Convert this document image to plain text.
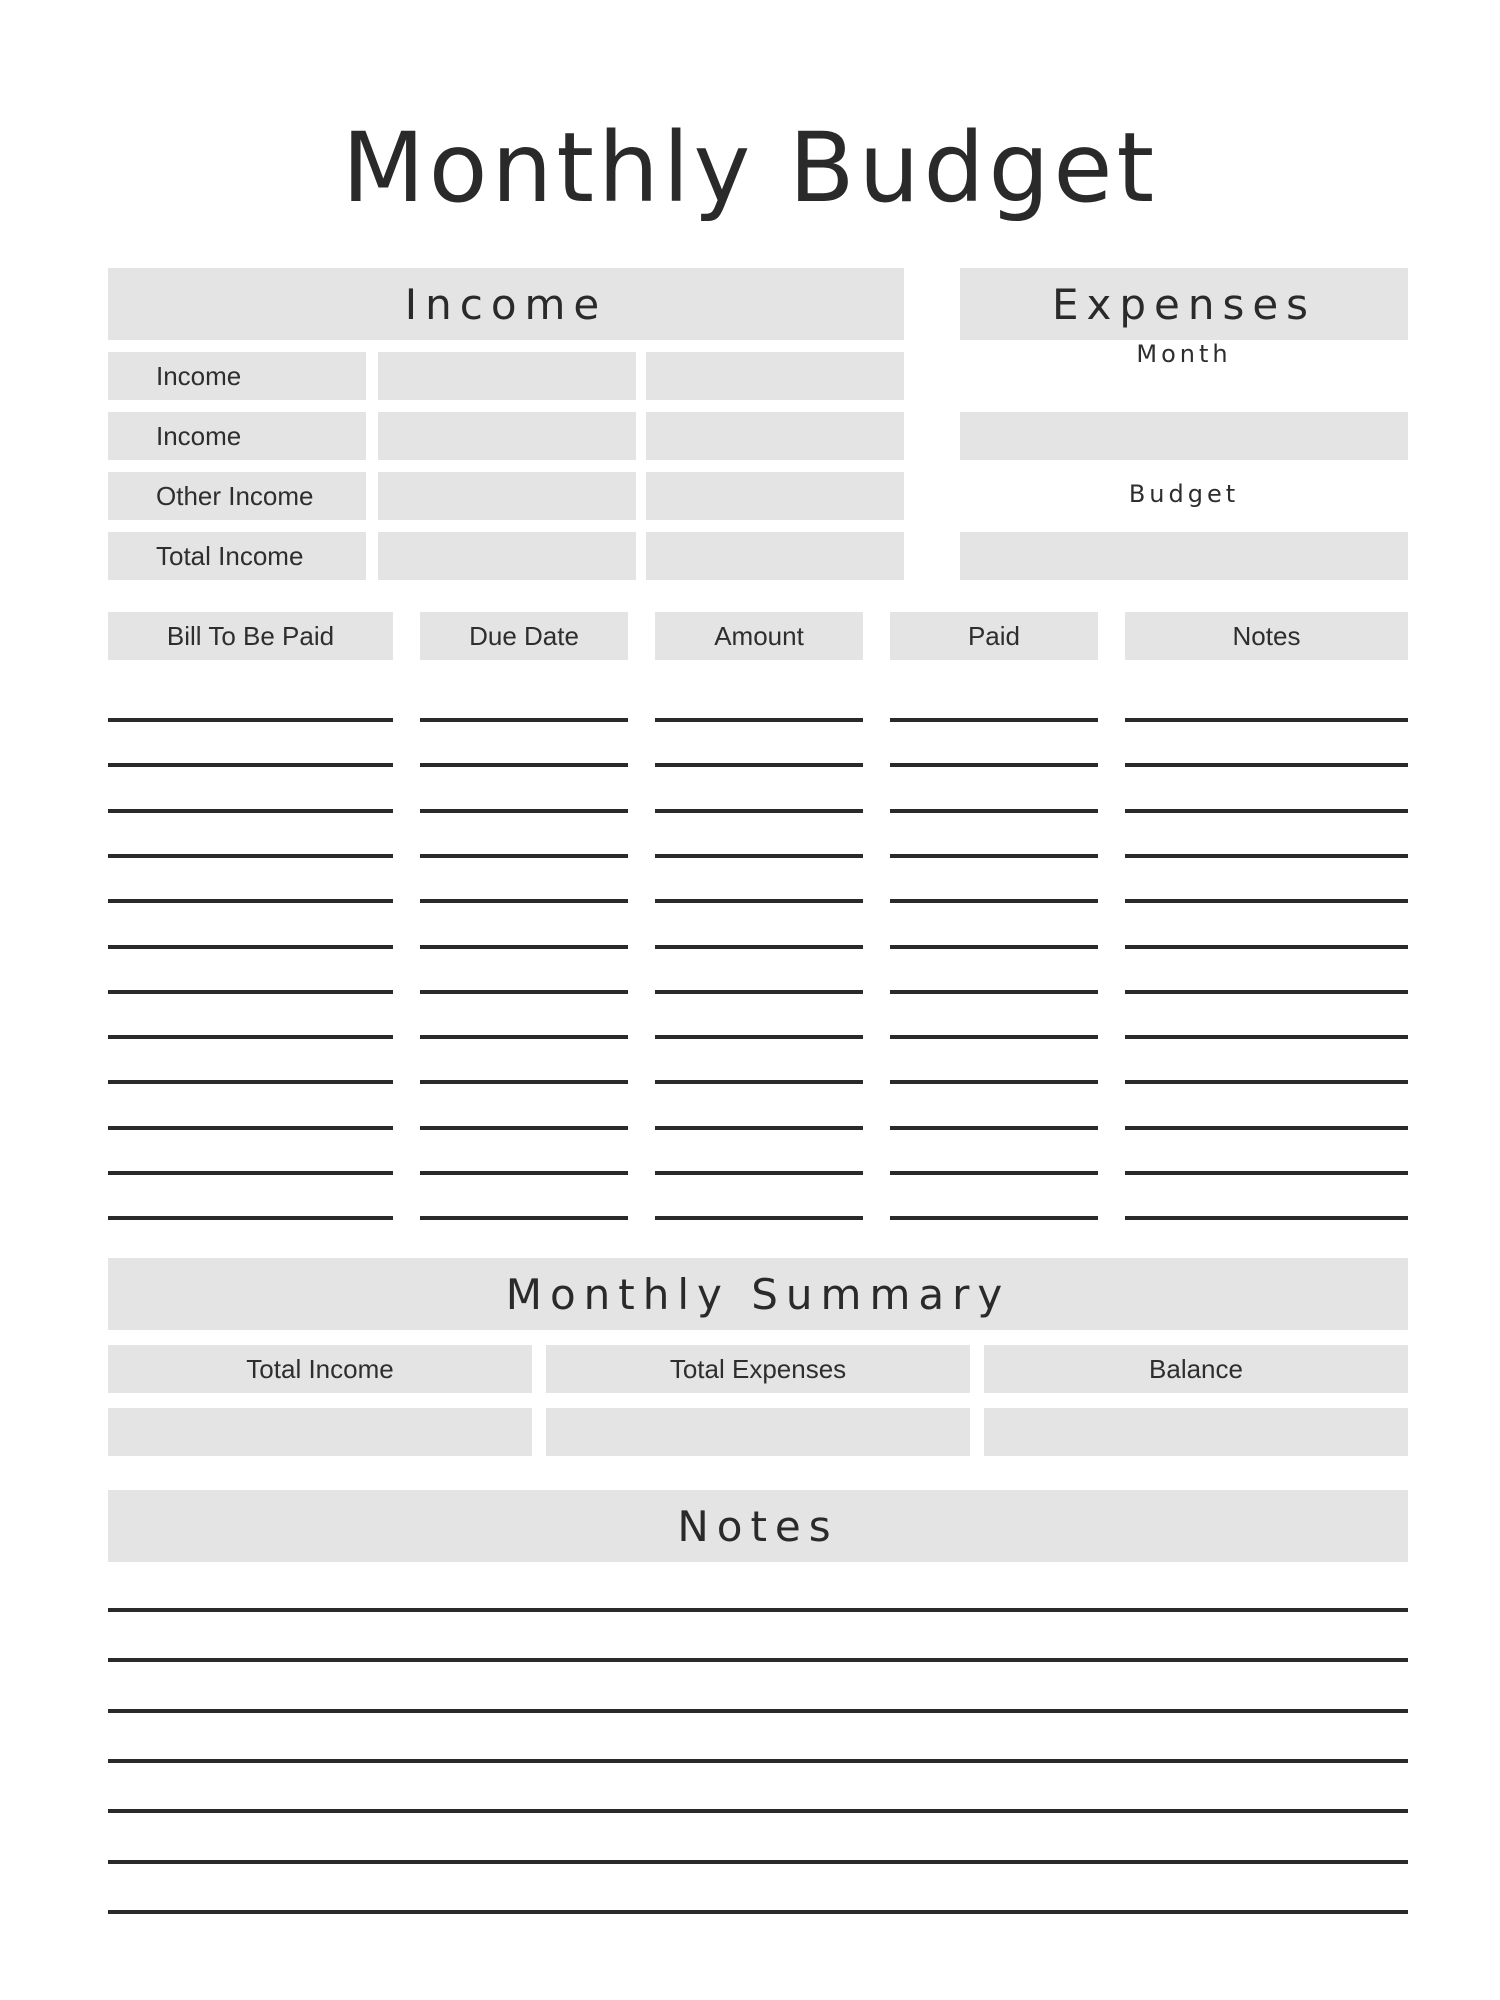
Monthly Budget
Income
Income
Income
Other Income
Total Income
Expenses
Month
Budget
Bill To Be Paid	Due Date	Amount	Paid	Notes
Monthly Summary
Total Income	Total Expenses	Balance
Notes
